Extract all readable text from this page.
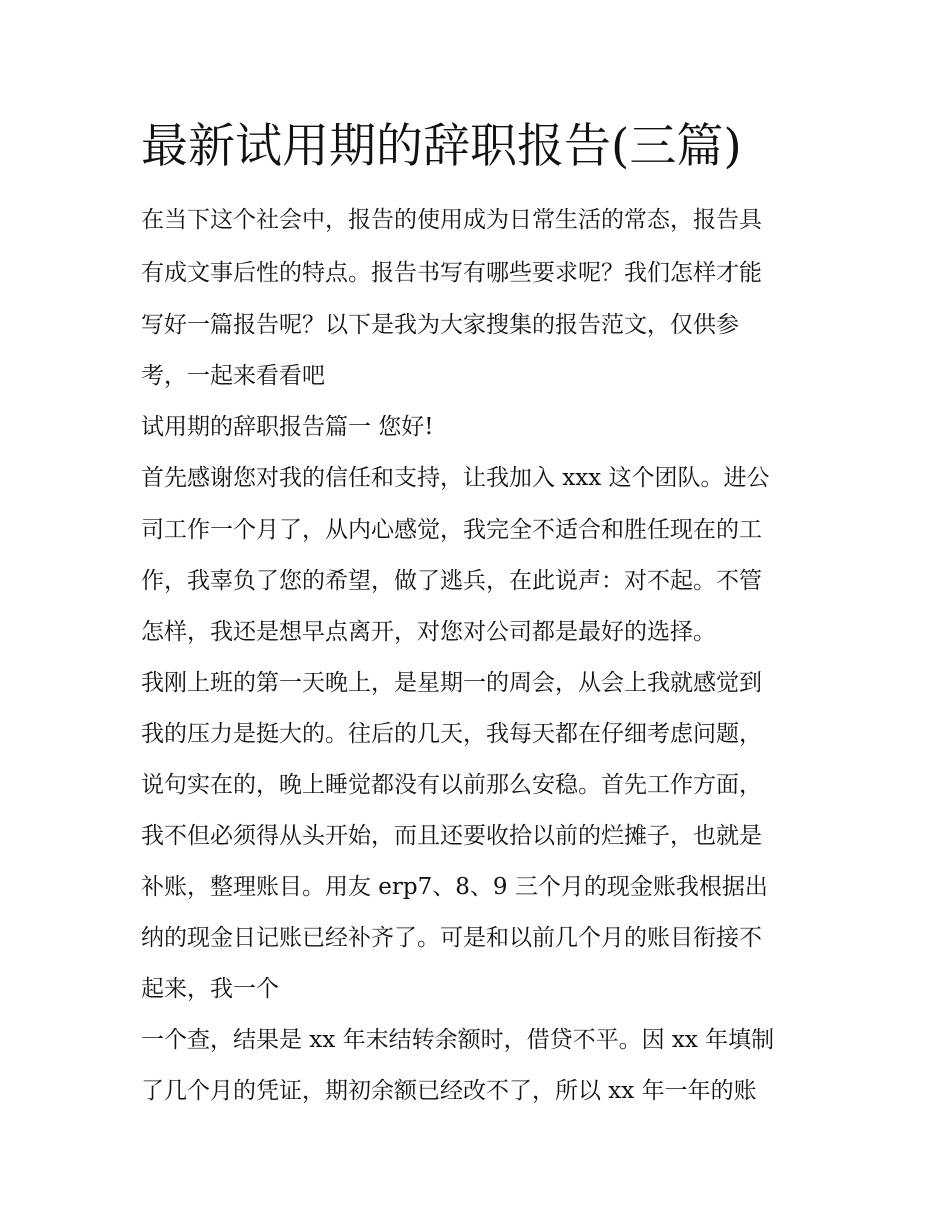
最新试用期的辞职报告(三篇)

在当下这个社会中，报告的使用成为日常生活的常态，报告具

有成文事后性的特点。报告书写有哪些要求呢？我们怎样才能

写好一篇报告呢？以下是我为大家搜集的报告范文，仅供参

考，一起来看看吧

试用期的辞职报告篇一 您好!

首先感谢您对我的信任和支持，让我加入 xxx 这个团队。进公

司工作一个月了，从内心感觉，我完全不适合和胜任现在的工

作，我辜负了您的希望，做了逃兵，在此说声：对不起。不管

怎样，我还是想早点离开，对您对公司都是最好的选择。

我刚上班的第一天晚上，是星期一的周会，从会上我就感觉到

我的压力是挺大的。往后的几天，我每天都在仔细考虑问题，

说句实在的，晚上睡觉都没有以前那么安稳。首先工作方面，

我不但必须得从头开始，而且还要收拾以前的烂摊子，也就是

补账，整理账目。用友 erp7、8、9 三个月的现金账我根据出

纳的现金日记账已经补齐了。可是和以前几个月的账目衔接不

起来，我一个

一个查，结果是 xx 年末结转余额时，借贷不平。因 xx 年填制

了几个月的凭证，期初余额已经改不了，所以 xx 年一年的账
